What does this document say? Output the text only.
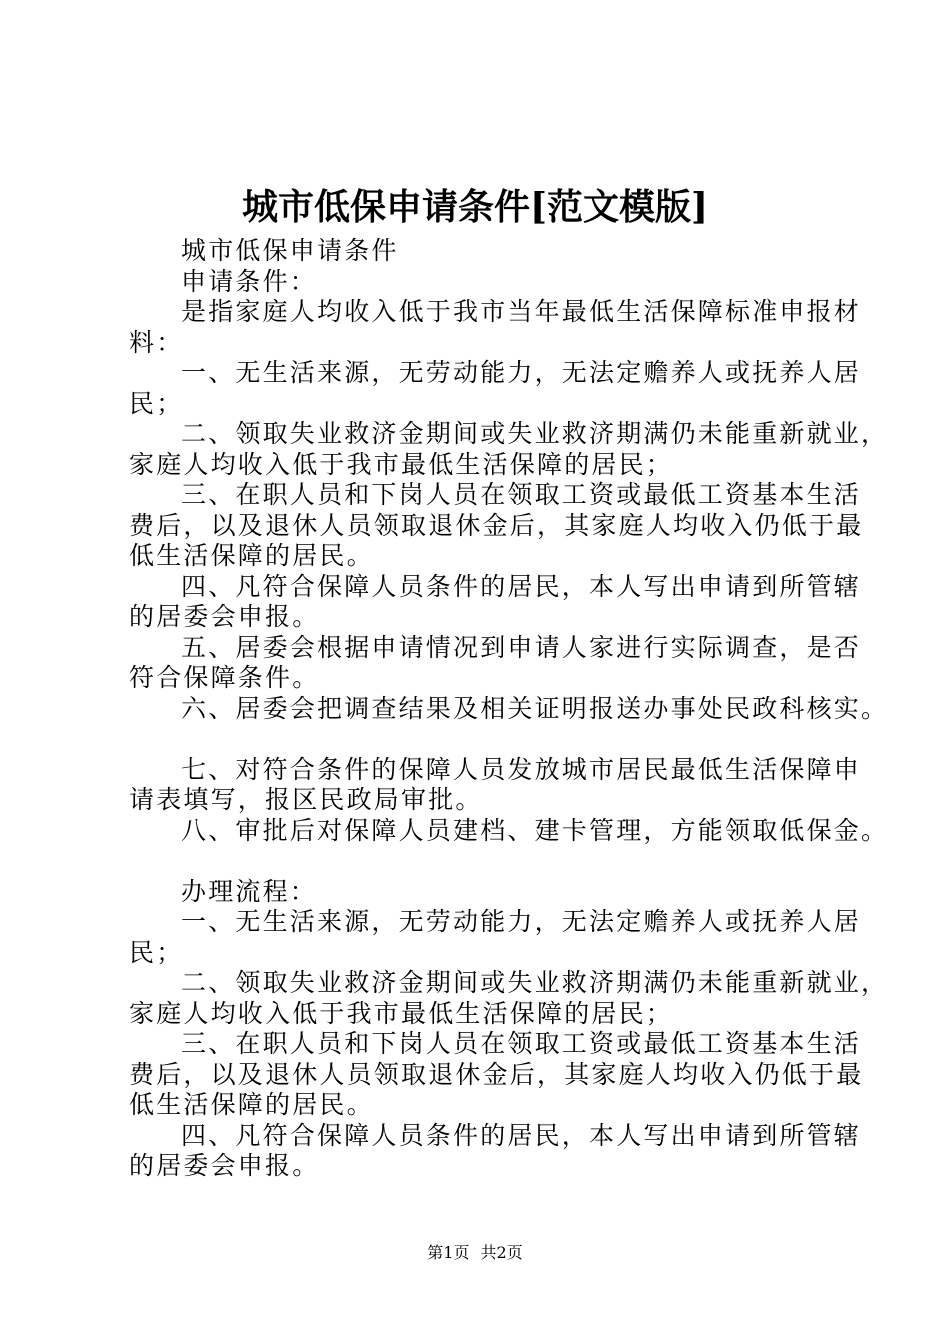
城市低保申请条件[范文模版]

城市低保申请条件

申请条件：

是指家庭人均收入低于我市当年最低生活保障标准申报材
料：

一、无生活来源，无劳动能力，无法定赡养人或抚养人居
民；

二、领取失业救济金期间或失业救济期满仍未能重新就业，
家庭人均收入低于我市最低生活保障的居民；

三、在职人员和下岗人员在领取工资或最低工资基本生活
费后，以及退休人员领取退休金后，其家庭人均收入仍低于最
低生活保障的居民。

四、凡符合保障人员条件的居民，本人写出申请到所管辖
的居委会申报。

五、居委会根据申请情况到申请人家进行实际调查，是否
符合保障条件。

六、居委会把调查结果及相关证明报送办事处民政科核实。

七、对符合条件的保障人员发放城市居民最低生活保障申
请表填写，报区民政局审批。

八、审批后对保障人员建档、建卡管理，方能领取低保金。

办理流程：

一、无生活来源，无劳动能力，无法定赡养人或抚养人居
民；

二、领取失业救济金期间或失业救济期满仍未能重新就业，
家庭人均收入低于我市最低生活保障的居民；

三、在职人员和下岗人员在领取工资或最低工资基本生活
费后，以及退休人员领取退休金后，其家庭人均收入仍低于最
低生活保障的居民。

四、凡符合保障人员条件的居民，本人写出申请到所管辖
的居委会申报。

第1页 共2页
